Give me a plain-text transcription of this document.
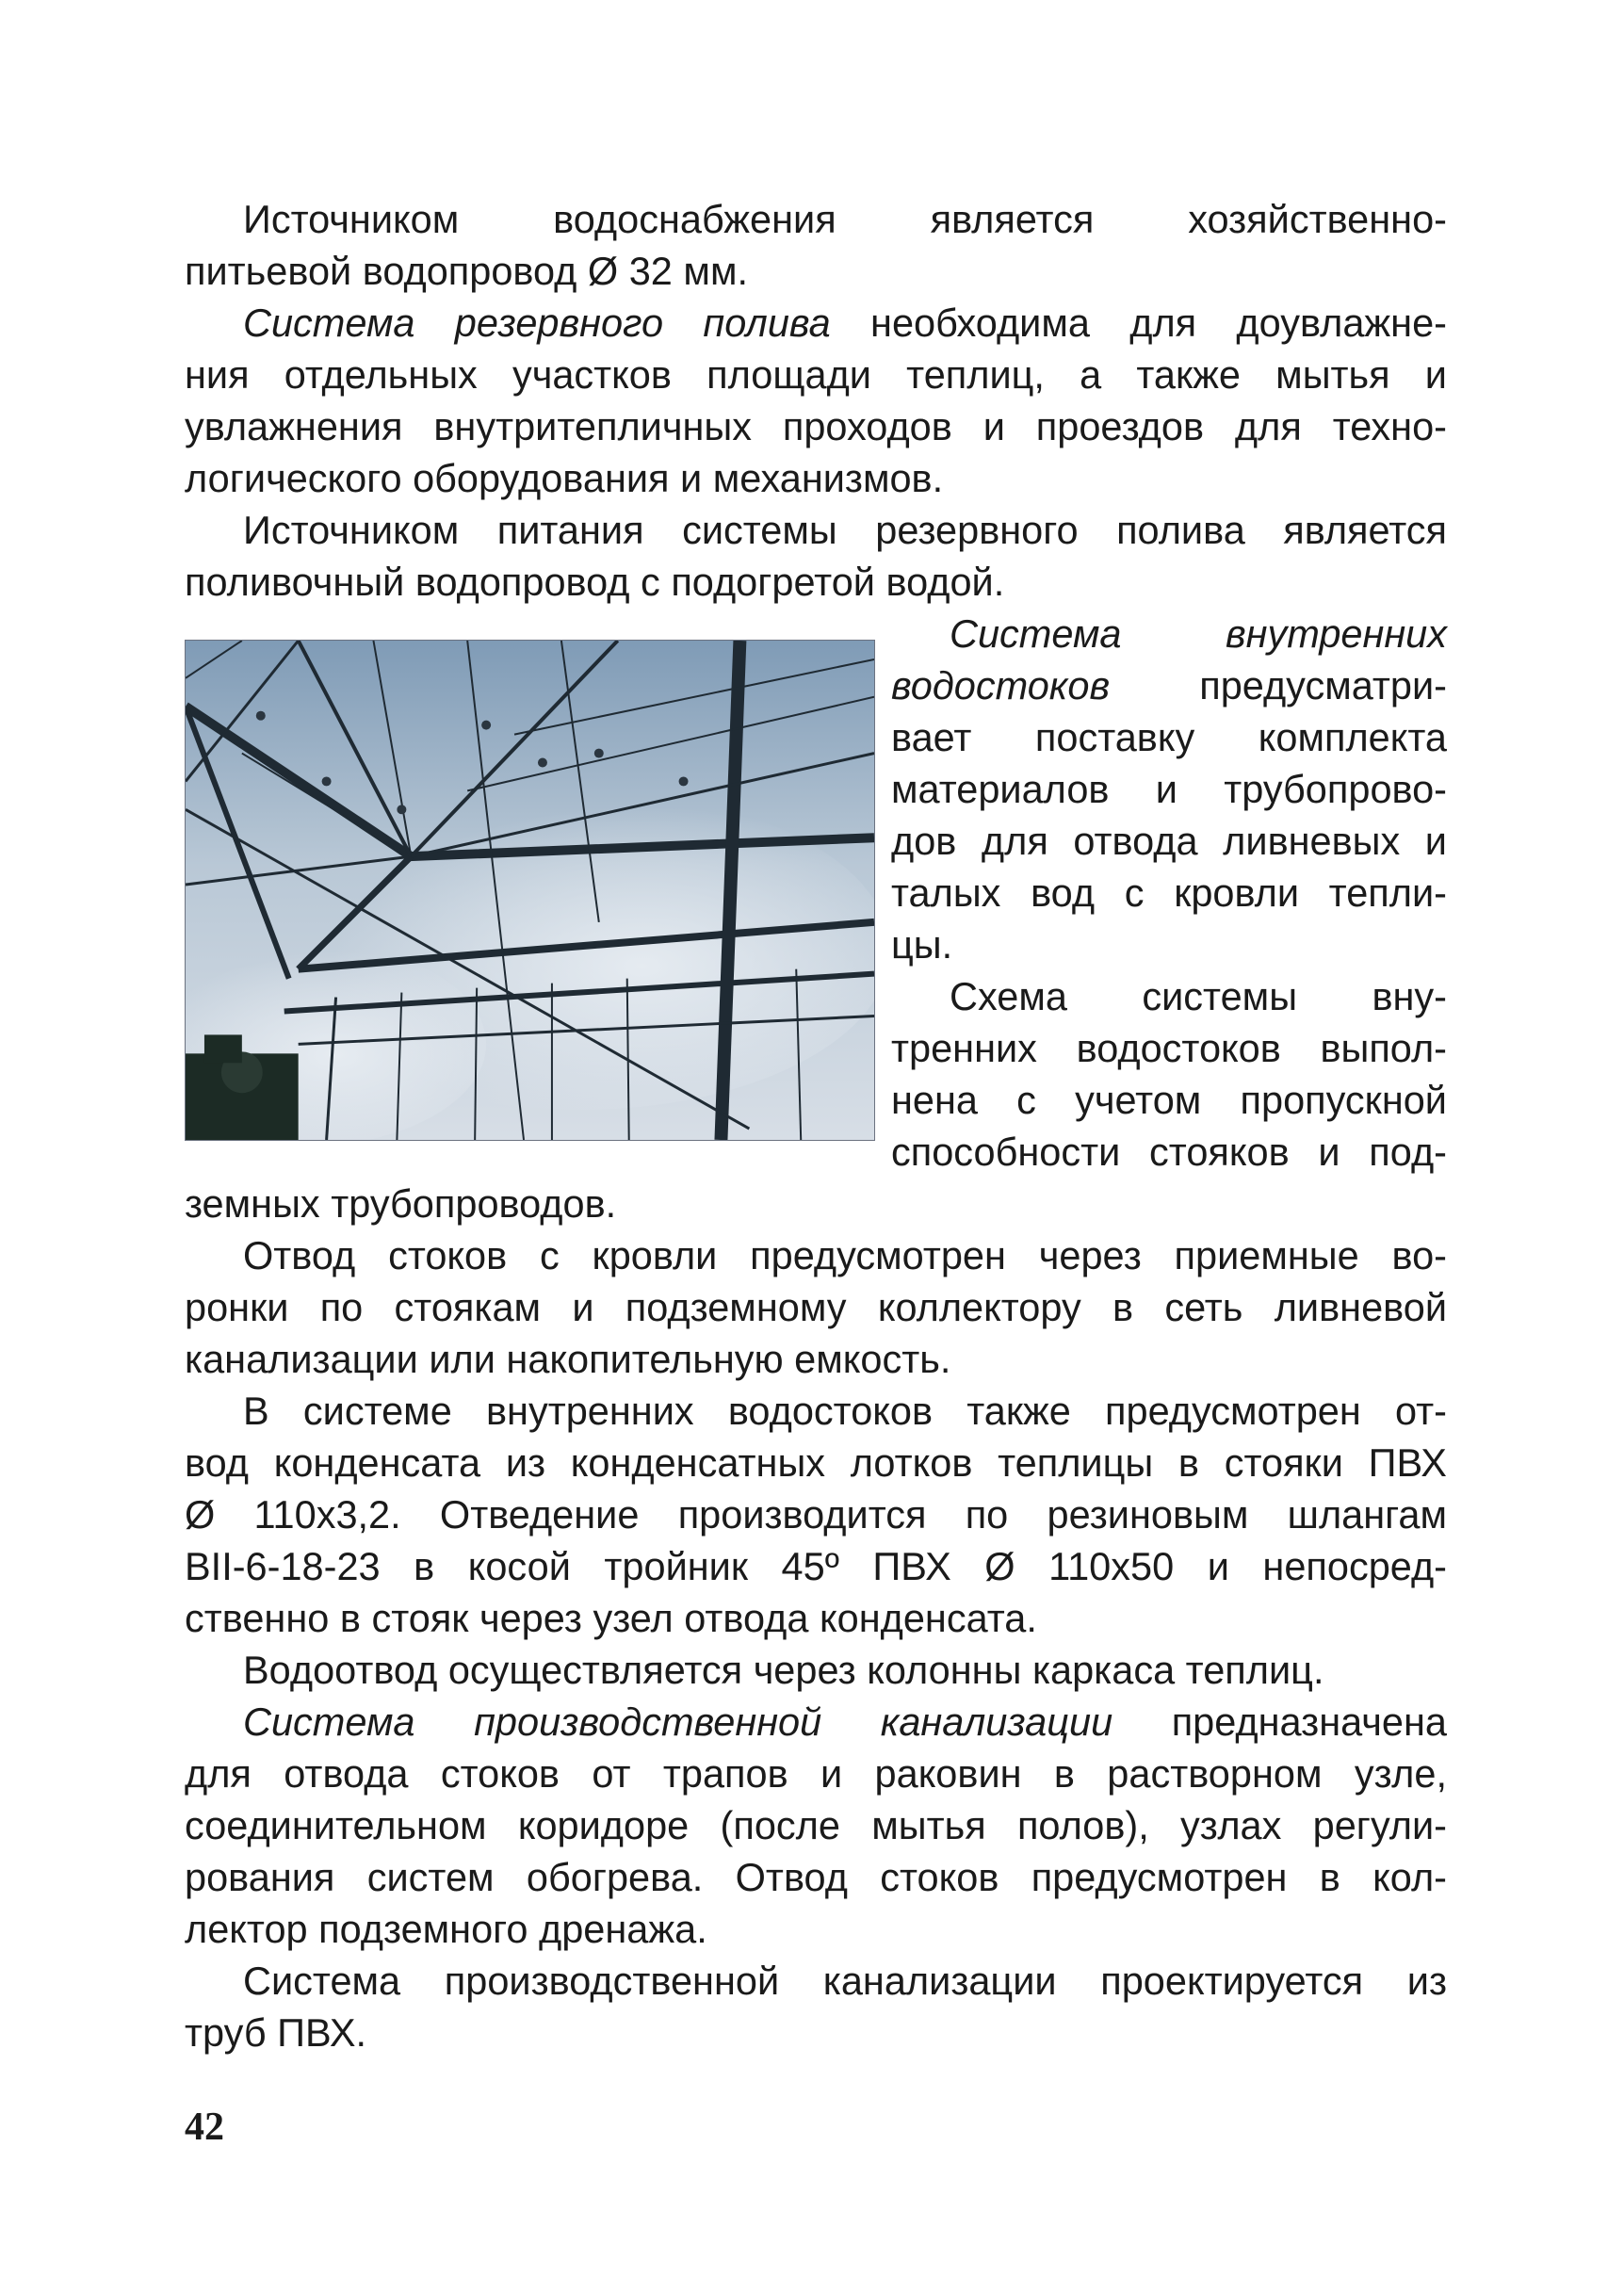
Источником водоснабжения является хозяйственно-
питьевой водопровод Ø 32 мм.
Система резервного полива необходима для доувлажне-
ния отдельных участков площади теплиц, а также мытья и
увлажнения внутритепличных проходов и проездов для техно-
логического оборудования и механизмов.
Источником питания системы резервного полива является
поливочный водопровод с подогретой водой.
Система внутренних
водостоков предусматри-
вает поставку комплекта
материалов и трубопрово-
дов для отвода ливневых и
талых вод с кровли тепли-
цы.
Схема системы вну-
тренних водостоков выпол-
нена с учетом пропускной
способности стояков и под-
земных трубопроводов.
Отвод стоков с кровли предусмотрен через приемные во-
ронки по стоякам и подземному коллектору в сеть ливневой
канализации или накопительную емкость.
В системе внутренних водостоков также предусмотрен от-
вод конденсата из конденсатных лотков теплицы в стояки ПВХ
Ø 110х3,2. Отведение производится по резиновым шлангам
BII-6-18-23 в косой тройник 45º ПВХ Ø 110х50 и непосред-
ственно в стояк через узел отвода конденсата.
Водоотвод осуществляется через колонны каркаса теплиц.
Система производственной канализации предназначена
для отвода стоков от трапов и раковин в растворном узле,
соединительном коридоре (после мытья полов), узлах регули-
рования систем обогрева. Отвод стоков предусмотрен в кол-
лектор подземного дренажа.
Система производственной канализации проектируется из
труб ПВХ.
42
